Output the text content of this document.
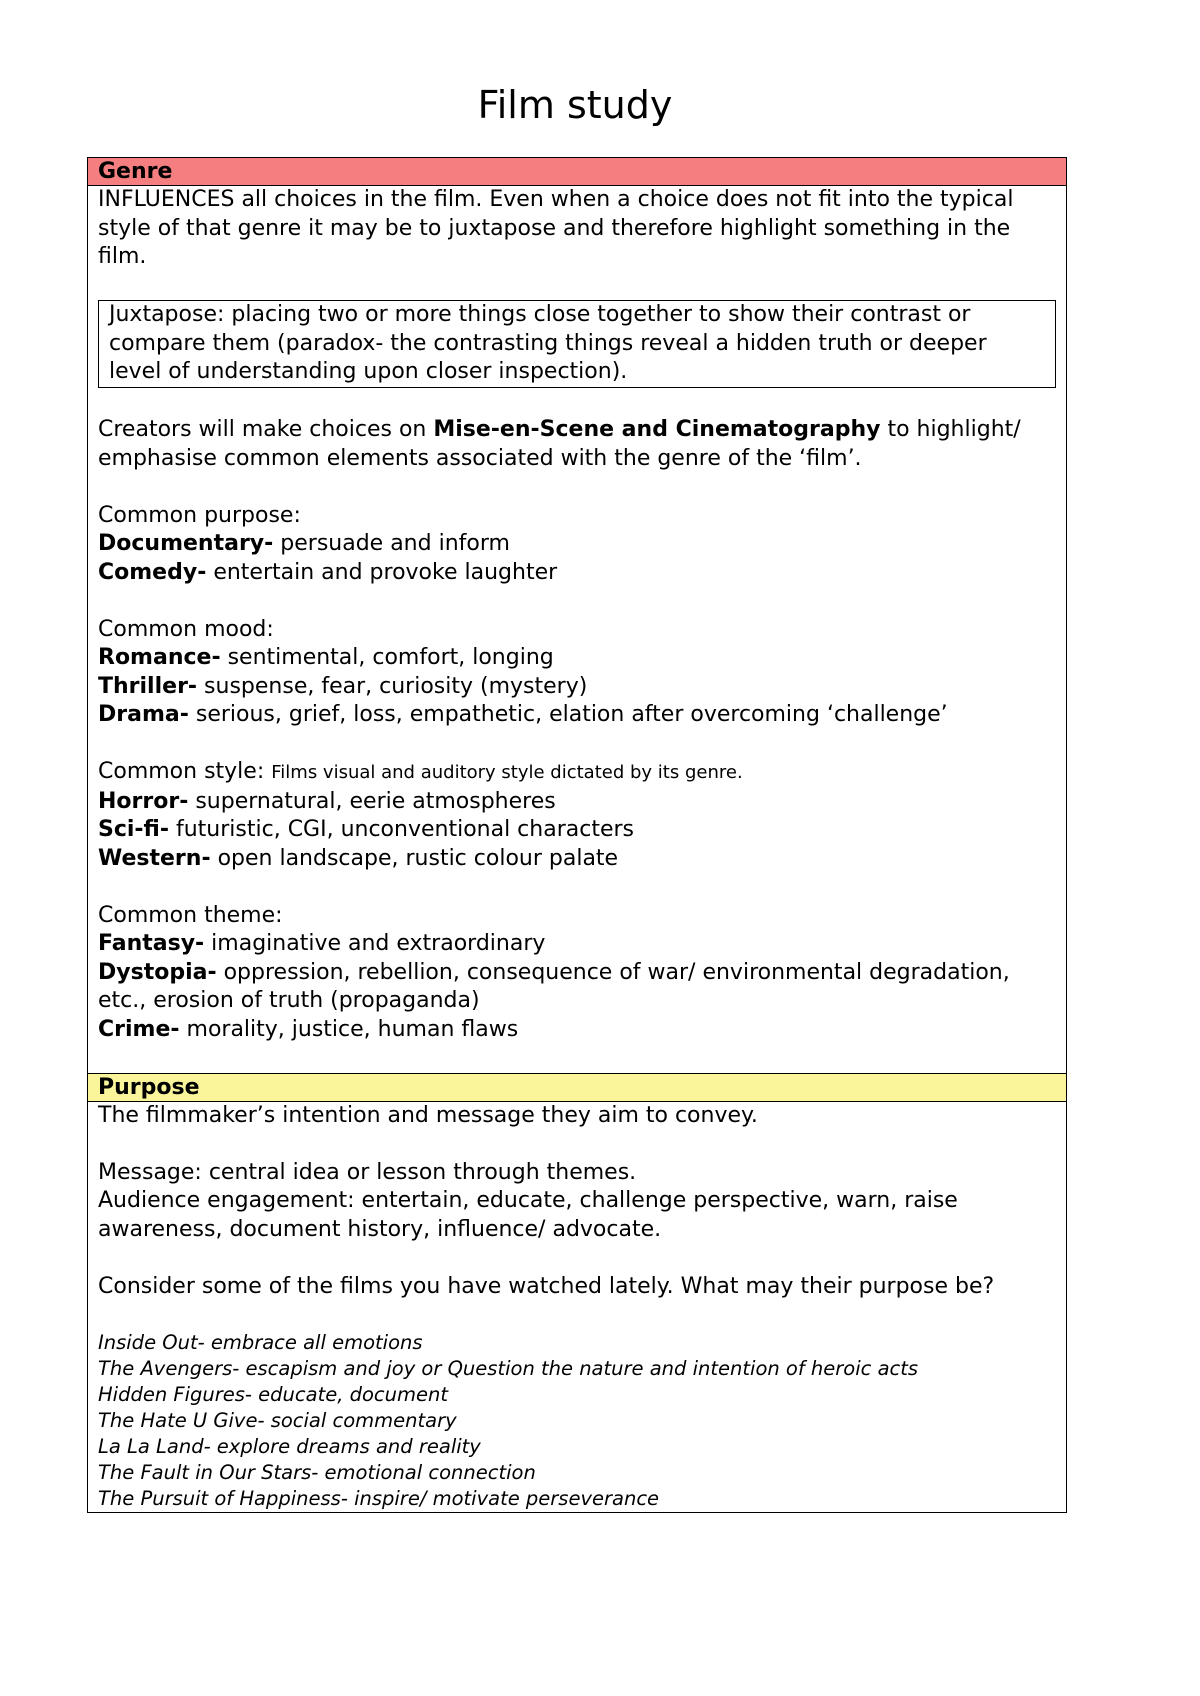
Film study
Genre

INFLUENCES all choices in the film. Even when a choice does not fit into the typical style of that genre it may be to juxtapose and therefore highlight something in the film.

Juxtapose: placing two or more things close together to show their contrast or compare them (paradox- the contrasting things reveal a hidden truth or deeper level of understanding upon closer inspection).

Creators will make choices on Mise-en-Scene and Cinematography to highlight/ emphasise common elements associated with the genre of the ‘film’.

Common purpose:

Documentary- persuade and inform

Comedy- entertain and provoke laughter

Common mood:

Romance- sentimental, comfort, longing

Thriller- suspense, fear, curiosity (mystery)

Drama- serious, grief, loss, empathetic, elation after overcoming ‘challenge’

Common style: Films visual and auditory style dictated by its genre.

Horror- supernatural, eerie atmospheres

Sci-fi- futuristic, CGI, unconventional characters

Western- open landscape, rustic colour palate

Common theme:

Fantasy- imaginative and extraordinary

Dystopia- oppression, rebellion, consequence of war/ environmental degradation, etc., erosion of truth (propaganda)

Crime- morality, justice, human flaws

Purpose

The filmmaker’s intention and message they aim to convey.

Message: central idea or lesson through themes.

Audience engagement: entertain, educate, challenge perspective, warn, raise awareness, document history, influence/ advocate.

Consider some of the films you have watched lately. What may their purpose be?

Inside Out- embrace all emotions

The Avengers- escapism and joy or Question the nature and intention of heroic acts

Hidden Figures- educate, document

The Hate U Give- social commentary

La La Land- explore dreams and reality

The Fault in Our Stars- emotional connection

The Pursuit of Happiness- inspire/ motivate perseverance
